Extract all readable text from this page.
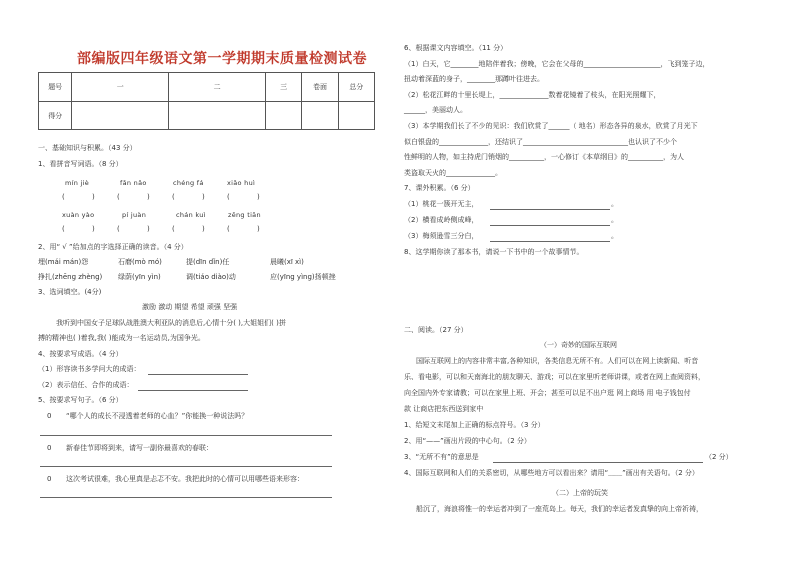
部编版四年级语文第一学期期末质量检测试卷
题号	一	二	三	卷面	总分
得分					
一、基础知识与积累。（43 分）
1、看拼音写词语。（8 分）
mín jiè	fǎn nǎo	chéng fá	xiǎo huì
(	)	(	)	(	)	(	)
xuàn yào	pí juàn	chán kuì	zēng tiān
(	)	(	)	(	)	(	)
2、用“ √ ”给加点的字选择正确的读音。（4 分）
埋(mái mán)怨	石磨(mò mó)	提(dīn dǐn)任	晨曦(xī xì)
挣扎(zhēng zhèng) 绿荫(yīn yìn)	调(tiáo diào)动	应(yīng yìng)扬顿挫
3、选词填空。(4分)
激励 激动 期望 希望 顽强 坚强
我听到中国女子足球队战胜澳大利亚队的消息后,心情十分( ),大姐姐们( )拼
搏的精神也( )着我,我( )能成为一名运动员,为国争光。
4、按要求写成语。（4 分）
（1）形容读书多学问大的成语：
（2）表示信任、合作的成语：
5、按要求写句子。（6 分）
0 “哪个人的成长不浸透着老师的心血？”你能换一种说法吗？
0 新春佳节即将到来，请写一副你最喜欢的春联：
0 这次考试很难，我心里真是忐忑不安。我把此时的心情可以用哪些语来形容：
6、根据课文内容填空。（11 分）
（1）白天，它________地陪伴着我；傍晚，它会在父母的______________________，飞到笼子边，
扭动着深蓝的身子，________那蹲叶往进去。
（2）松花江畔的十里长堤上，______________数着花镜着了枝头，在阳光照耀下，
______，美丽动人。
（3）本学期我们长了不少的见识：我们欣赏了______（ 地名）形态各异的泉水，欣赏了月光下
似白银盘的______________，还结识了______________________________也认识了不少个
性鲜明的人物，如主持虎门销烟的__________，一心修订《本草纲目》的__________，为人
类盗取天火的______________。
7、课外积累。（6 分）
（1）桃花一簇开无主，	。
（2）横看成岭侧成峰，	。
（3）梅须逊雪三分白，	。
8、这学期你读了那本书，请说一下书中的一个故事情节。
二、阅读。（27 分）
（一）奇妙的国际互联网
国际互联网上的内容非常丰富,各种知识，各类信息无所不有。人们可以在网上读新闻、听音
乐、看电影，可以和天南海北的朋友聊天、游戏；可以在家里听老师讲课，或者在网上查阅资料，
向全国内外专家请教；可以在家里上班、开会；甚至可以足不出户逛 网上商场 用 电子钱包付
款 让商店把东西送到家中
1、给短文末尾加上正确的标点符号。（3 分）
2、用“——”画出片段的中心句。（2 分）
3、“无所不有”的意思是	（2 分）
4、国际互联网和人们的关系密切，从哪些地方可以看出来？请用“﹏﹏”画出有关语句。（2 分）
（二）上帝的玩笑
船沉了，海浪将惟一的幸运者冲到了一座荒岛上。每天，我们的幸运者发真挚的向上帝祈祷，
